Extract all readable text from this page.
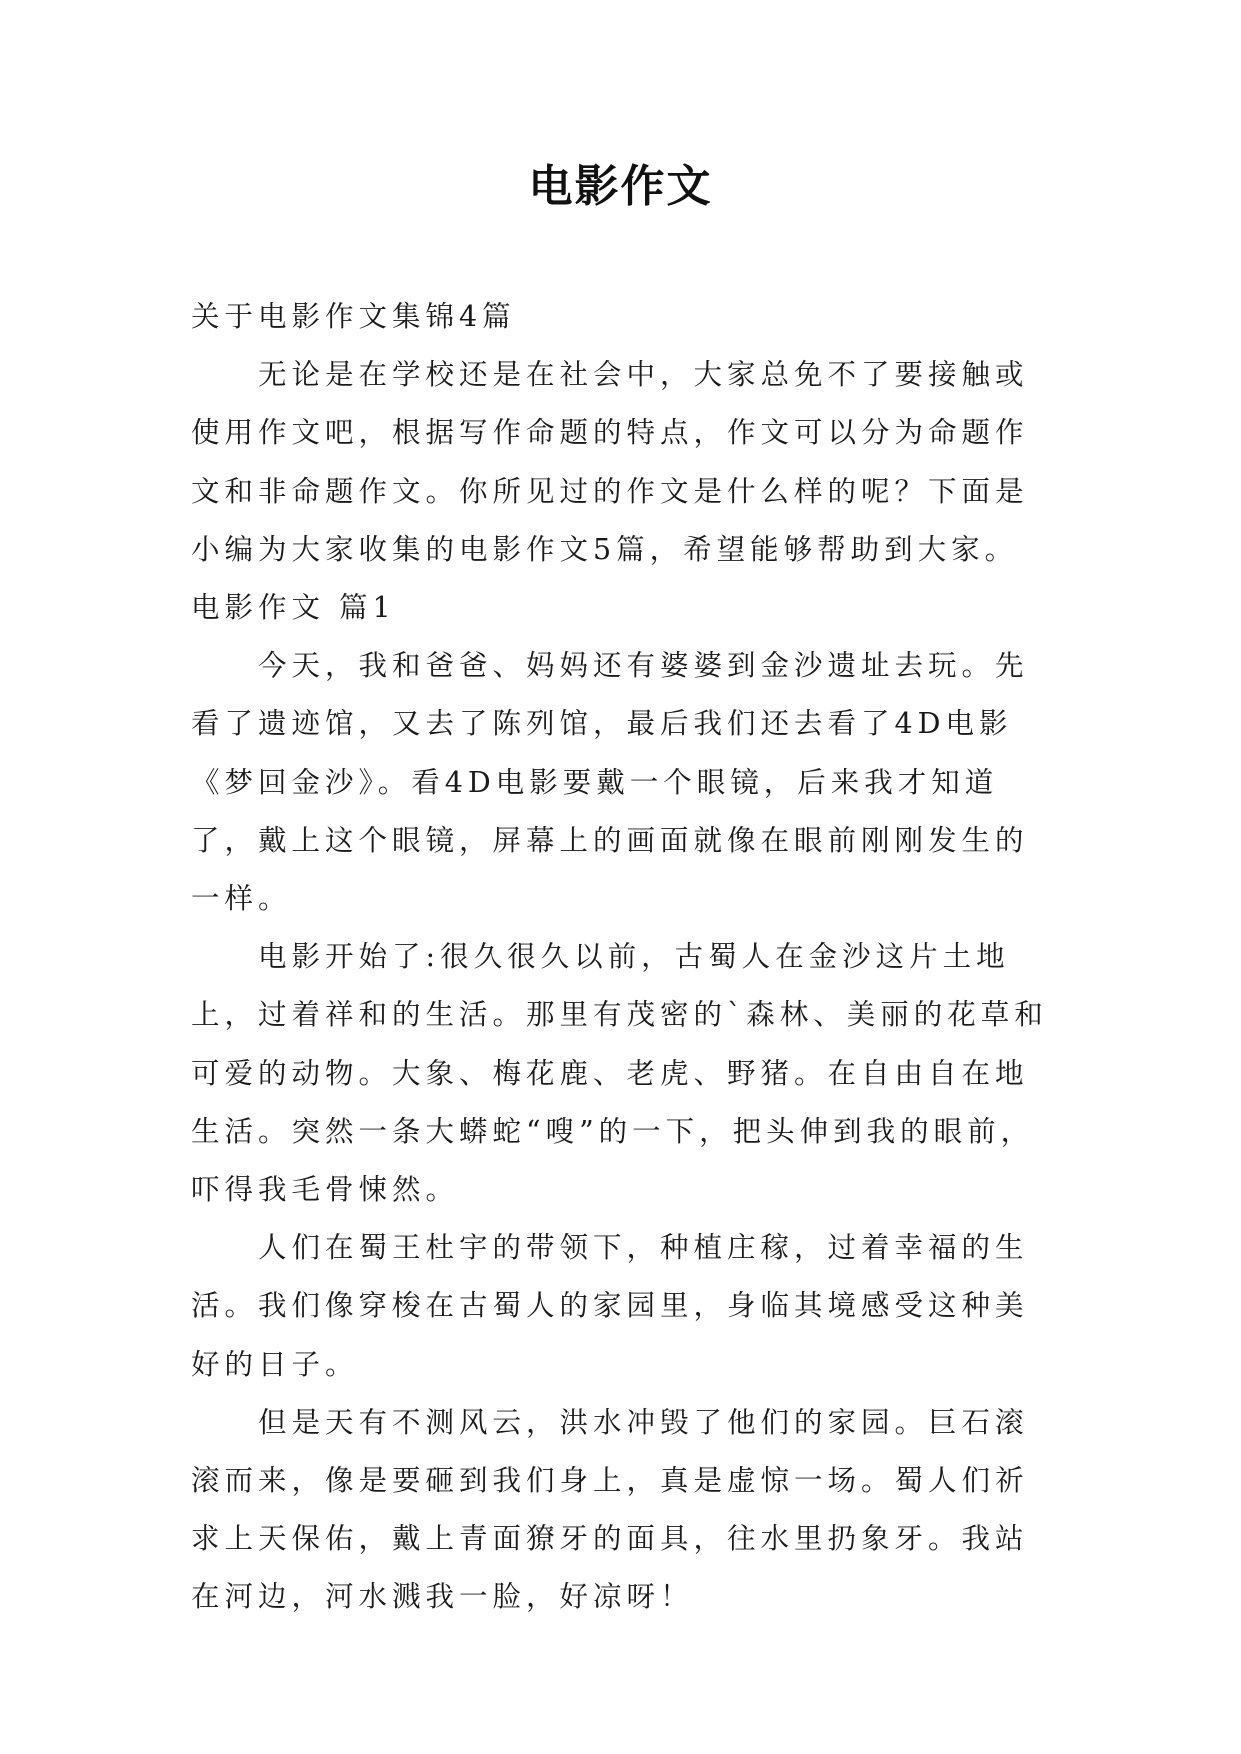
电影作文

关于电影作文集锦4篇

无论是在学校还是在社会中，大家总免不了要接触或使用作文吧，根据写作命题的特点，作文可以分为命题作文和非命题作文。你所见过的作文是什么样的呢？下面是小编为大家收集的电影作文5篇，希望能够帮助到大家。

电影作文 篇1

今天，我和爸爸、妈妈还有婆婆到金沙遗址去玩。先看了遗迹馆，又去了陈列馆，最后我们还去看了4D电影《梦回金沙》。看4D电影要戴一个眼镜，后来我才知道了，戴上这个眼镜，屏幕上的画面就像在眼前刚刚发生的一样。

电影开始了:很久很久以前，古蜀人在金沙这片土地上，过着祥和的生活。那里有茂密的`森林、美丽的花草和可爱的动物。大象、梅花鹿、老虎、野猪。在自由自在地生活。突然一条大蟒蛇“嗖”的一下，把头伸到我的眼前，吓得我毛骨悚然。

人们在蜀王杜宇的带领下，种植庄稼，过着幸福的生活。我们像穿梭在古蜀人的家园里，身临其境感受这种美好的日子。

但是天有不测风云，洪水冲毁了他们的家园。巨石滚滚而来，像是要砸到我们身上，真是虚惊一场。蜀人们祈求上天保佑，戴上青面獠牙的面具，往水里扔象牙。我站在河边，河水溅我一脸，好凉呀！
